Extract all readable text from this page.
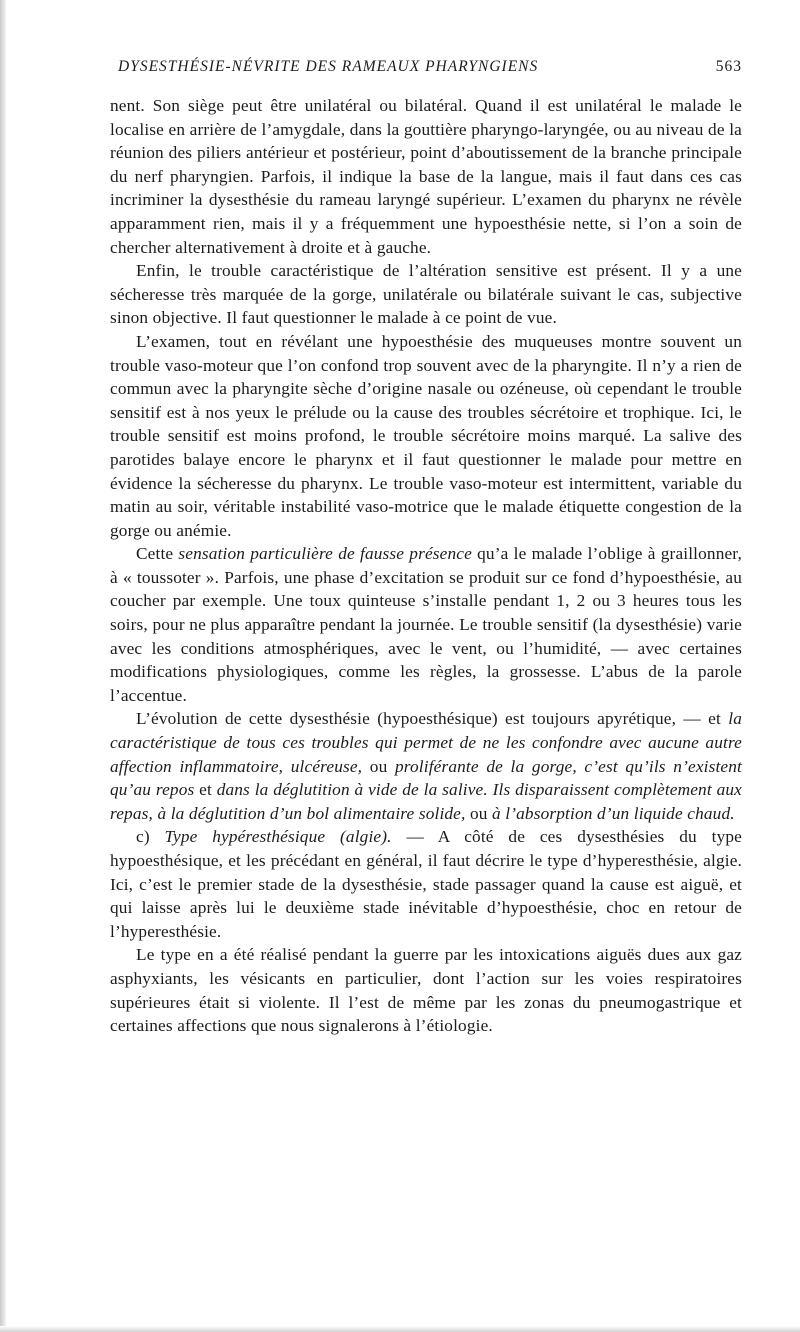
DYSESTHÉSIE-NÉVRITE DES RAMEAUX PHARYNGIENS	563

nent. Son siège peut être unilatéral ou bilatéral. Quand il est unilatéral le malade le localise en arrière de l’amygdale, dans la gouttière pharyngo-laryngée, ou au niveau de la réunion des piliers antérieur et postérieur, point d’aboutissement de la branche principale du nerf pharyngien. Parfois, il indique la base de la langue, mais il faut dans ces cas incriminer la dysesthésie du rameau laryngé supérieur. L’examen du pharynx ne révèle apparamment rien, mais il y a fréquemment une hypoesthésie nette, si l’on a soin de chercher alternativement à droite et à gauche.

Enfin, le trouble caractéristique de l’altération sensitive est présent. Il y a une sécheresse très marquée de la gorge, unilatérale ou bilatérale suivant le cas, subjective sinon objective. Il faut questionner le malade à ce point de vue.

L’examen, tout en révélant une hypoesthésie des muqueuses montre souvent un trouble vaso-moteur que l’on confond trop souvent avec de la pharyngite. Il n’y a rien de commun avec la pharyngite sèche d’origine nasale ou ozéneuse, où cependant le trouble sensitif est à nos yeux le prélude ou la cause des troubles sécrétoire et trophique. Ici, le trouble sensitif est moins profond, le trouble sécrétoire moins marqué. La salive des parotides balaye encore le pharynx et il faut questionner le malade pour mettre en évidence la sécheresse du pharynx. Le trouble vaso-moteur est intermittent, variable du matin au soir, véritable instabilité vaso-motrice que le malade étiquette congestion de la gorge ou anémie.

Cette sensation particulière de fausse présence qu’a le malade l’oblige à graillonner, à « toussoter ». Parfois, une phase d’excitation se produit sur ce fond d’hypoesthésie, au coucher par exemple. Une toux quinteuse s’installe pendant 1, 2 ou 3 heures tous les soirs, pour ne plus apparaître pendant la journée. Le trouble sensitif (la dysesthésie) varie avec les conditions atmosphériques, avec le vent, ou l’humidité, — avec certaines modifications physiologiques, comme les règles, la grossesse. L’abus de la parole l’accentue.

L’évolution de cette dysesthésie (hypoesthésique) est toujours apyrétique, — et la caractéristique de tous ces troubles qui permet de ne les confondre avec aucune autre affection inflammatoire, ulcéreuse, ou proliférante de la gorge, c’est qu’ils n’existent qu’au repos et dans la déglutition à vide de la salive. Ils disparaissent complètement aux repas, à la déglutition d’un bol alimentaire solide, ou à l’absorption d’un liquide chaud.

c) Type hypéresthésique (algie). — A côté de ces dysesthésies du type hypoesthésique, et les précédant en général, il faut décrire le type d’hyperesthésie, algie. Ici, c’est le premier stade de la dysesthésie, stade passager quand la cause est aiguë, et qui laisse après lui le deuxième stade inévitable d’hypoesthésie, choc en retour de l’hyperesthésie.

Le type en a été réalisé pendant la guerre par les intoxications aiguës dues aux gaz asphyxiants, les vésicants en particulier, dont l’action sur les voies respiratoires supérieures était si violente. Il l’est de même par les zonas du pneumogastrique et certaines affections que nous signalerons à l’étiologie.
